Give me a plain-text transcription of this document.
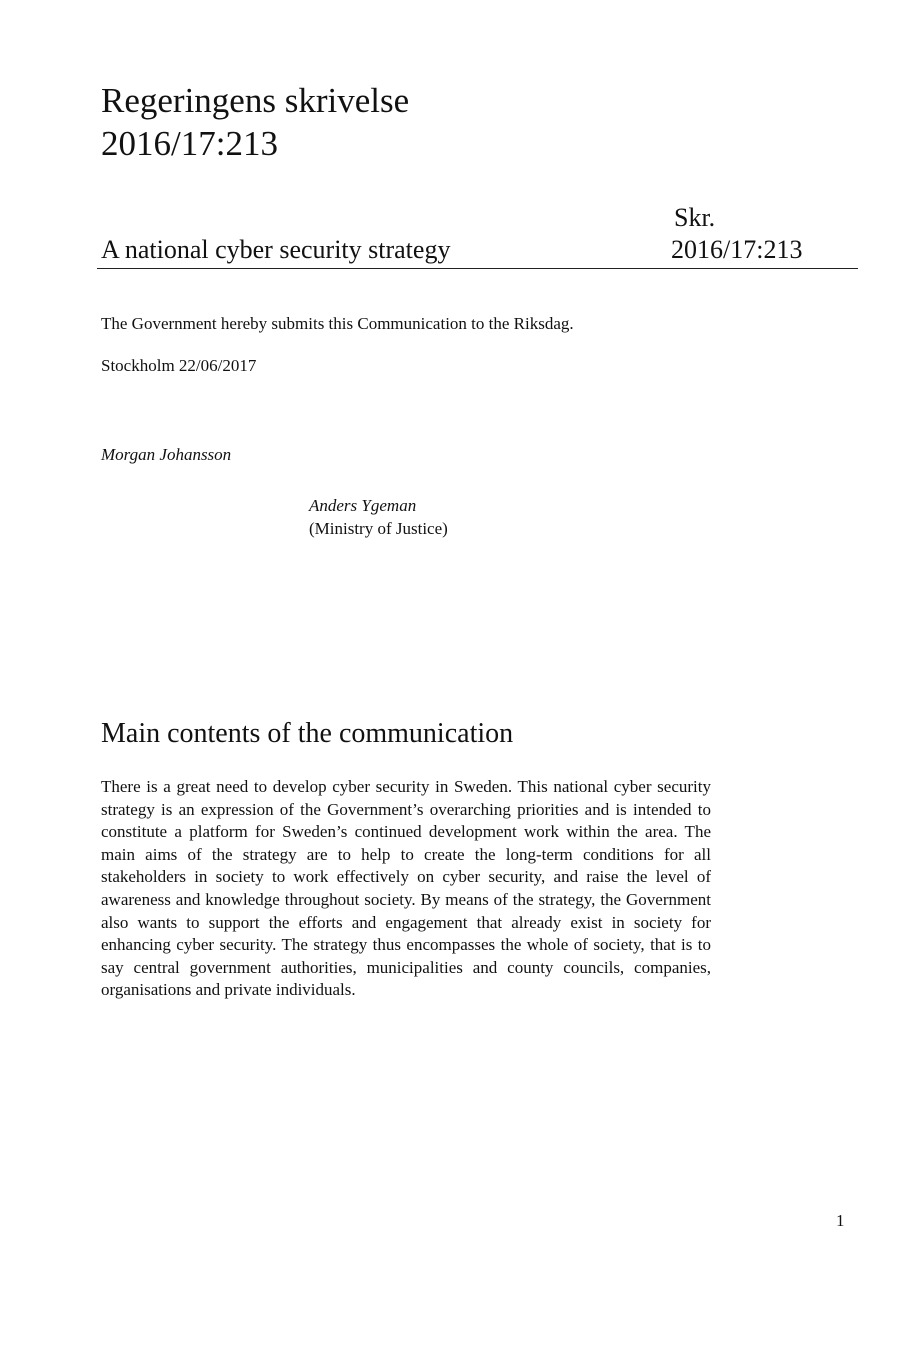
Regeringens skrivelse
2016/17:213
Skr.
A national cyber security strategy	2016/17:213

The Government hereby submits this Communication to the Riksdag.

Stockholm 22/06/2017

Morgan Johansson

Anders Ygeman

(Ministry of Justice)

Main contents of the communication

There is a great need to develop cyber security in Sweden. This national cyber security strategy is an expression of the Government’s overarching priorities and is intended to constitute a platform for Sweden’s continued development work within the area. The main aims of the strategy are to help to create the long-term conditions for all stakeholders in society to work effectively on cyber security, and raise the level of awareness and knowledge throughout society. By means of the strategy, the Government also wants to support the efforts and engagement that already exist in society for enhancing cyber security. The strategy thus encompasses the whole of society, that is to say central government authorities, municipalities and county councils, companies, organisations and private individuals.

1
